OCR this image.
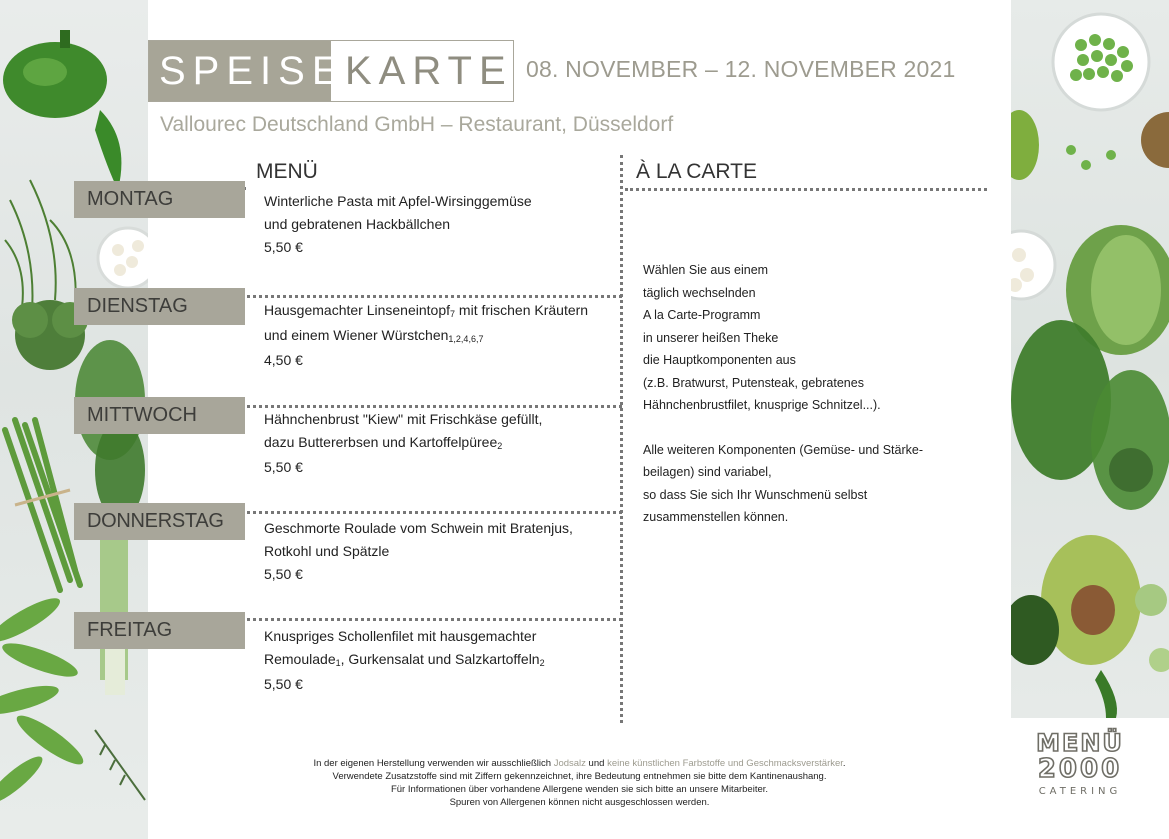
SPEISE KARTE 08. NOVEMBER – 12. NOVEMBER 2021
Vallourec Deutschland GmbH – Restaurant, Düsseldorf
MENÜ	À LA CARTE
MONTAG
DIENSTAG
MITTWOCH
DONNERSTAG
FREITAG
Winterliche Pasta mit Apfel-Wirsinggemüse
und gebratenen Hackbällchen
5,50 €
Hausgemachter Linseneintopf$_7$ mit frischen Kräutern
und einem Wiener Würstchen$_{1,2,4,6,7}$
4,50 €
Hähnchenbrust "Kiew" mit Frischkäse gefüllt,
dazu Buttererbsen und Kartoffelpüree$_2$
5,50 €
Geschmorte Roulade vom Schwein mit Bratenjus,
Rotkohl und Spätzle
5,50 €
Knuspriges Schollenfilet mit hausgemachter
Remoulade$_1$, Gurkensalat und Salzkartoffeln$_2$
5,50 €
Wählen Sie aus einem
täglich wechselnden
A la Carte-Programm
in unserer heißen Theke
die Hauptkomponenten aus
(z.B. Bratwurst, Putensteak, gebratenes
Hähnchenbrustfilet, knusprige Schnitzel...).
Alle weiteren Komponenten (Gemüse- und Stärke-
beilagen) sind variabel,
so dass Sie sich Ihr Wunschmenü selbst
zusammenstellen können.
In der eigenen Herstellung verwenden wir ausschließlich Jodsalz und keine künstlichen Farbstoffe und Geschmacksverstärker.
Verwendete Zusatzstoffe sind mit Ziffern gekennzeichnet, ihre Bedeutung entnehmen sie bitte dem Kantinenaushang.
Für Informationen über vorhandene Allergene wenden sie sich bitte an unsere Mitarbeiter.
Spuren von Allergenen können nicht ausgeschlossen werden.
MENÜ
2000
CATERING
